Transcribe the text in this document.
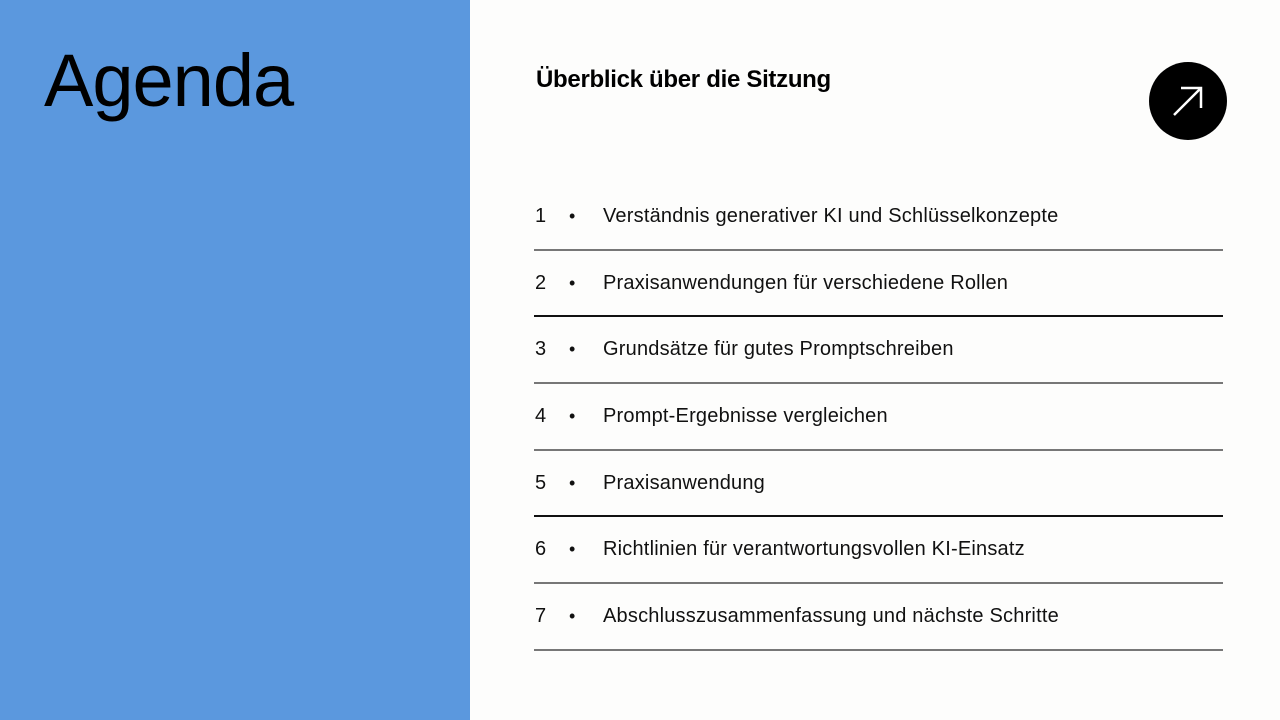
Agenda	Überblick über die Sitzung
1	•	Verständnis generativer KI und Schlüsselkonzepte
2	•	Praxisanwendungen für verschiedene Rollen
3	•	Grundsätze für gutes Promptschreiben
4	•	Prompt-Ergebnisse vergleichen
5	•	Praxisanwendung
6	•	Richtlinien für verantwortungsvollen KI-Einsatz
7	•	Abschlusszusammenfassung und nächste Schritte
